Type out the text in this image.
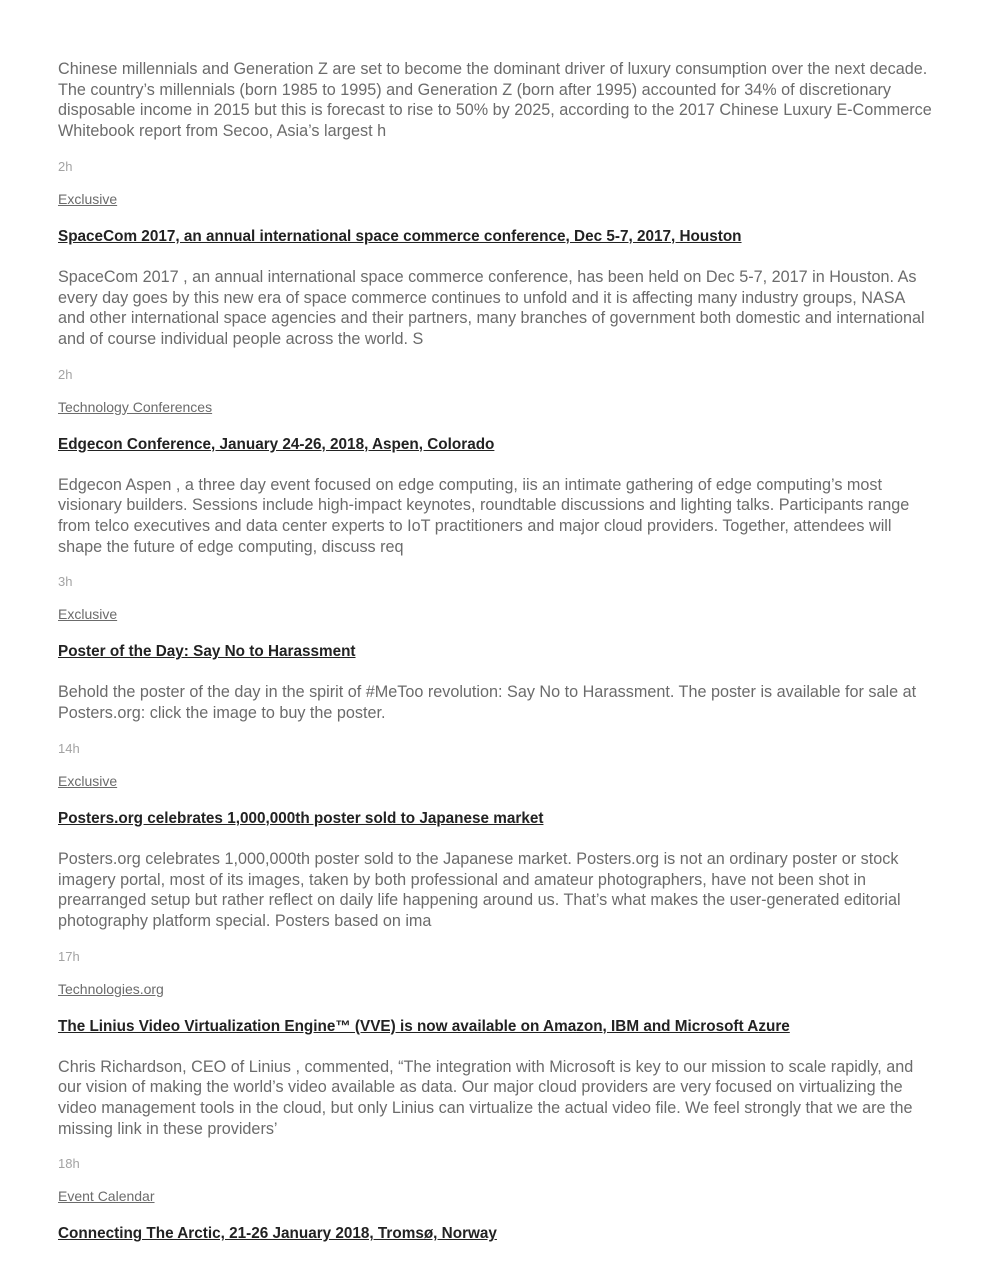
Chinese millennials and Generation Z are set to become the dominant driver of luxury consumption over the next decade. The country’s millennials (born 1985 to 1995) and Generation Z (born after 1995) accounted for 34% of discretionary disposable income in 2015 but this is forecast to rise to 50% by 2025, according to the 2017 Chinese Luxury E-Commerce Whitebook report from Secoo, Asia’s largest h

2h

Exclusive

SpaceCom 2017, an annual international space commerce conference, Dec 5-7, 2017, Houston

SpaceCom 2017 , an annual international space commerce conference, has been held on Dec 5-7, 2017 in Houston. As every day goes by this new era of space commerce continues to unfold and it is affecting many industry groups, NASA and other international space agencies and their partners, many branches of government both domestic and international and of course individual people across the world. S

2h

Technology Conferences

Edgecon Conference, January 24-26, 2018, Aspen, Colorado

Edgecon Aspen , a three day event focused on edge computing, iis an intimate gathering of edge computing’s most visionary builders. Sessions include high-impact keynotes, roundtable discussions and lighting talks. Participants range from telco executives and data center experts to IoT practitioners and major cloud providers. Together, attendees will shape the future of edge computing, discuss req

3h

Exclusive

Poster of the Day: Say No to Harassment

Behold the poster of the day in the spirit of #MeToo revolution: Say No to Harassment. The poster is available for sale at Posters.org: click the image to buy the poster.

14h

Exclusive

Posters.org celebrates 1,000,000th poster sold to Japanese market

Posters.org celebrates 1,000,000th poster sold to the Japanese market. Posters.org is not an ordinary poster or stock imagery portal, most of its images, taken by both professional and amateur photographers, have not been shot in prearranged setup but rather reflect on daily life happening around us. That’s what makes the user-generated editorial photography platform special. Posters based on ima

17h

Technologies.org

The Linius Video Virtualization Engine™ (VVE) is now available on Amazon, IBM and Microsoft Azure

Chris Richardson, CEO of Linius , commented, “The integration with Microsoft is key to our mission to scale rapidly, and our vision of making the world’s video available as data. Our major cloud providers are very focused on virtualizing the video management tools in the cloud, but only Linius can virtualize the actual video file. We feel strongly that we are the missing link in these providers’

18h

Event Calendar

Connecting The Arctic, 21-26 January 2018, Tromsø, Norway
